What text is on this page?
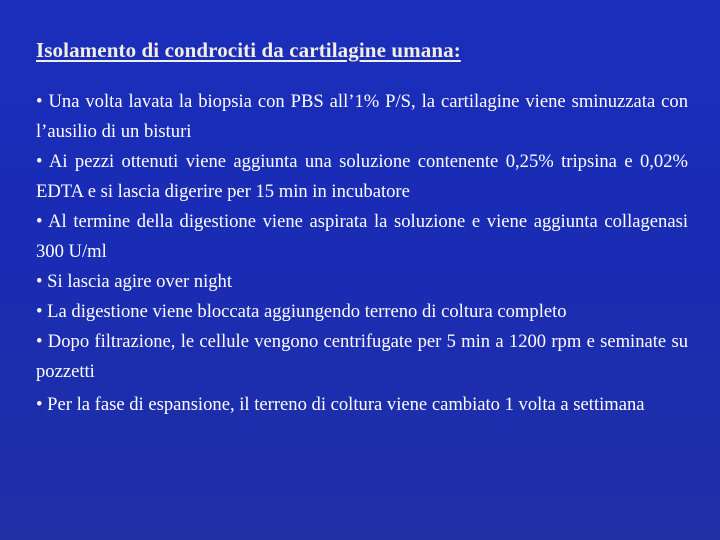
Isolamento di condrociti da cartilagine umana:
• Una volta lavata la biopsia con PBS all’1% P/S, la cartilagine viene sminuzzata con l’ausilio di un bisturi
• Ai pezzi ottenuti viene aggiunta una soluzione contenente 0,25% tripsina e 0,02% EDTA e si lascia digerire per 15 min in incubatore
• Al termine della digestione viene aspirata la soluzione e viene aggiunta collagenasi 300 U/ml
• Si lascia agire over night
• La digestione viene bloccata aggiungendo terreno di coltura completo
• Dopo filtrazione, le cellule vengono centrifugate per 5 min a 1200 rpm e seminate su pozzetti
• Per la fase di espansione, il terreno di coltura viene cambiato 1 volta a settimana
